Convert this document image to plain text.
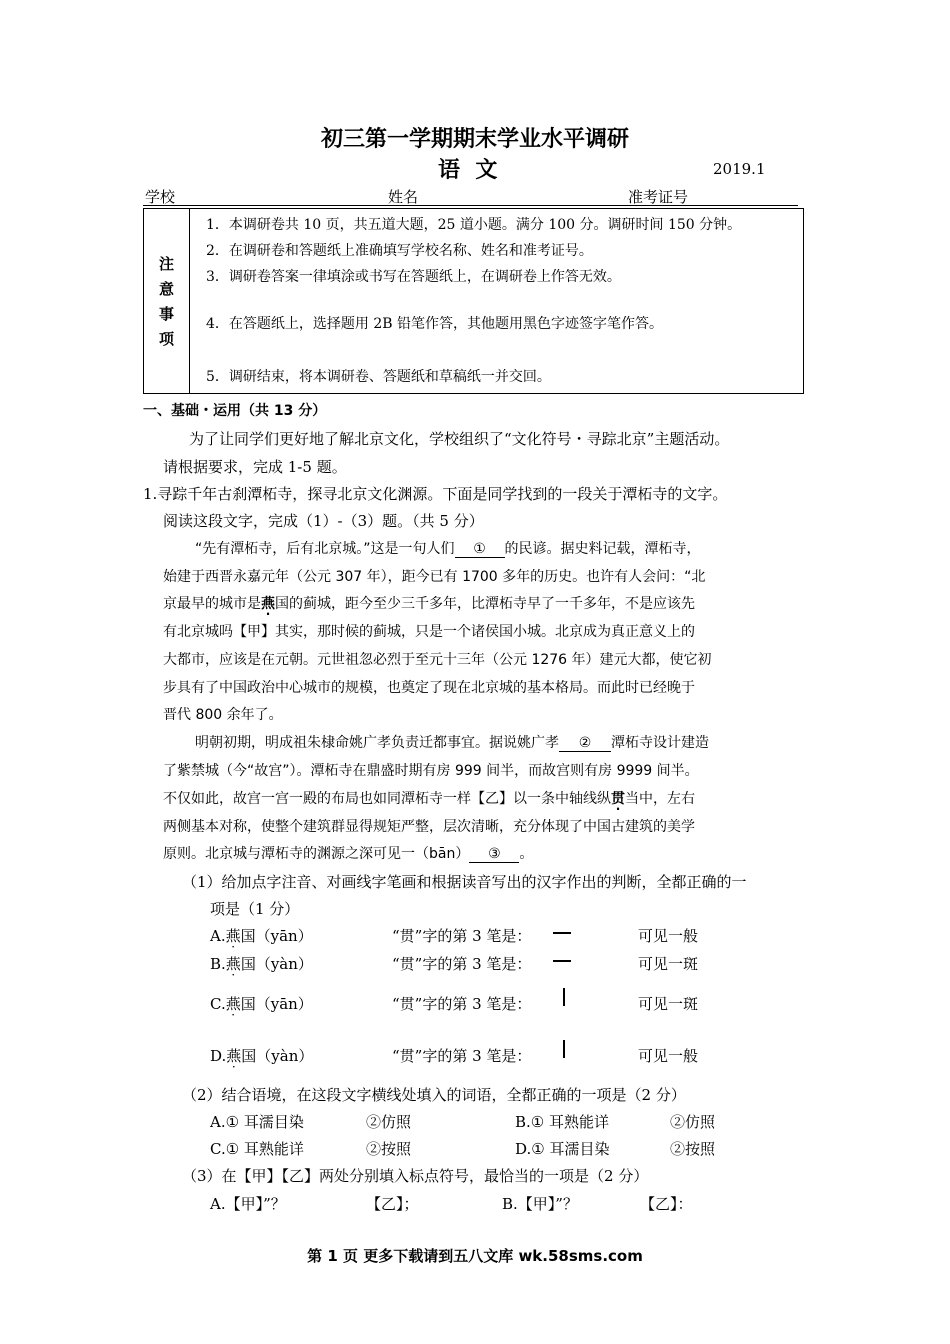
初三第一学期期末学业水平调研
语  文	2019.1
学校	姓名	准考证号
注
意
事
项
1．本调研卷共 10 页，共五道大题，25 道小题。满分 100 分。调研时间 150 分钟。
2．在调研卷和答题纸上准确填写学校名称、姓名和准考证号。
3．调研卷答案一律填涂或书写在答题纸上，在调研卷上作答无效。
4．在答题纸上，选择题用 2B 铅笔作答，其他题用黑色字迹签字笔作答。
5．调研结束，将本调研卷、答题纸和草稿纸一并交回。
一、基础・运用（共 13 分）
为了让同学们更好地了解北京文化，学校组织了“文化符号・寻踪北京”主题活动。
请根据要求，完成 1-5 题。
1.寻踪千年古刹潭柘寺，探寻北京文化渊源。下面是同学找到的一段关于潭柘寺的文字。
阅读这段文字，完成（1）-（3）题。（共 5 分）
“先有潭柘寺，后有北京城。”这是一句人们 ① 的民谚。据史料记载，潭柘寺，
始建于西晋永嘉元年（公元 307 年），距今已有 1700 多年的历史。也许有人会问：“北
京最早的城市是燕国的蓟城，距今至少三千多年，比潭柘寺早了一千多年，不是应该先
有北京城吗【甲】其实，那时候的蓟城，只是一个诸侯国小城。北京成为真正意义上的
大都市，应该是在元朝。元世祖忽必烈于至元十三年（公元 1276 年）建元大都，使它初
步具有了中国政治中心城市的规模，也奠定了现在北京城的基本格局。而此时已经晚于
晋代 800 余年了。
明朝初期，明成祖朱棣命姚广孝负责迁都事宜。据说姚广孝 ② 潭柘寺设计建造
了紫禁城（今“故宫”）。潭柘寺在鼎盛时期有房 999 间半，而故宫则有房 9999 间半。
不仅如此，故宫一宫一殿的布局也如同潭柘寺一样【乙】以一条中轴线纵贯当中，左右
两侧基本对称，使整个建筑群显得规矩严整，层次清晰，充分体现了中国古建筑的美学
原则。北京城与潭柘寺的渊源之深可见一（bān） ③ 。
（1）给加点字注音、对画线字笔画和根据读音写出的汉字作出的判断，全都正确的一
项是（1 分）
A.燕国（yān）	“贯”字的第 3 笔是：	可见一般
B.燕国（yàn）	“贯”字的第 3 笔是：	可见一斑
C.燕国（yān）	“贯”字的第 3 笔是：	可见一斑
D.燕国（yàn）	“贯”字的第 3 笔是：	可见一般
（2）结合语境，在这段文字横线处填入的词语，全都正确的一项是（2 分）
A.① 耳濡目染	②仿照	B.① 耳熟能详	②仿照
C.① 耳熟能详	②按照	D.① 耳濡目染	②按照
（3）在【甲】【乙】两处分别填入标点符号，最恰当的一项是（2 分）
A.【甲】”？	【乙】；	B.【甲】”？	【乙】：
第 1 页 更多下载请到五八文库 wk.58sms.com
